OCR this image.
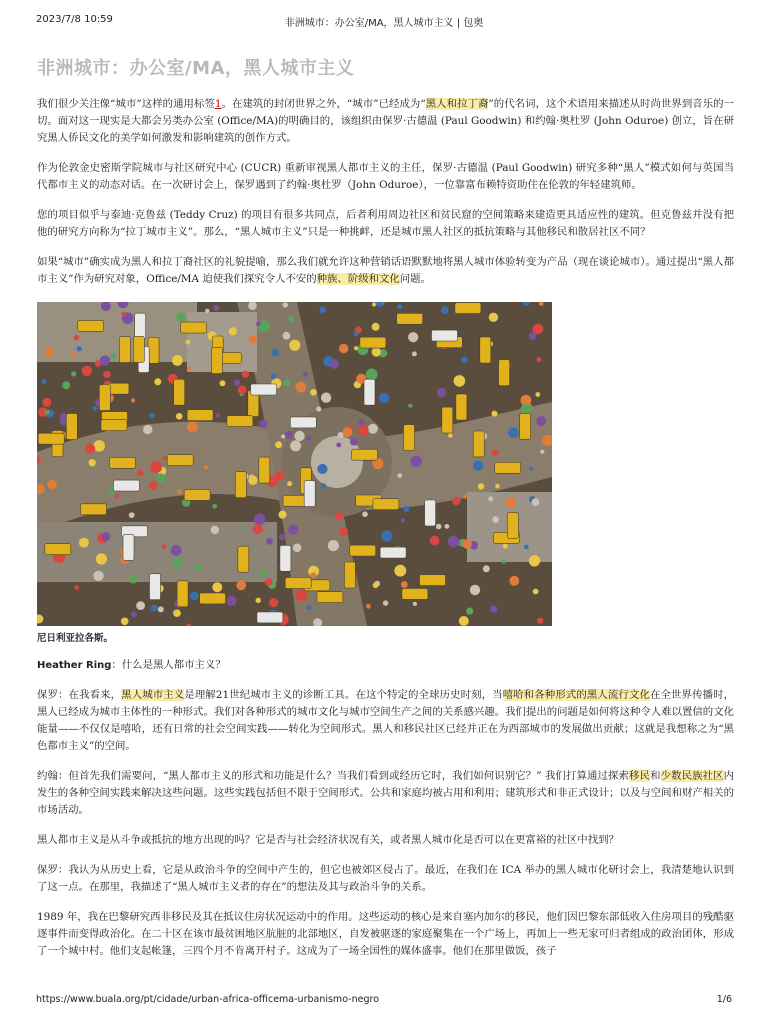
2023/7/8 10:59	非洲城市：办公室/MA，黑人城市主义 | 包奥
非洲城市：办公室/MA，黑人城市主义

我们很少关注像“城市”这样的通用标签1。在建筑的封闭世界之外，“城市”已经成为“黑人和拉丁裔”的代名词，这个术语用来描述从时尚世界到音乐的一切。面对这一现实是大都会另类办公室 (Office/MA)的明确目的，该组织由保罗·古德温 (Paul Goodwin) 和约翰·奥杜罗 (John Oduroe) 创立，旨在研究黑人侨民文化的美学如何激发和影响建筑的创作方式。

作为伦敦金史密斯学院城市与社区研究中心 (CUCR) 重新审视黑人都市主义的主任，保罗·古德温 (Paul Goodwin) 研究多种“黑人”模式如何与英国当代都市主义的动态对话。在一次研讨会上，保罗遇到了约翰·奥杜罗（John Oduroe），一位靠富布赖特资助住在伦敦的年轻建筑师。

您的项目似乎与泰迪·克鲁兹 (Teddy Cruz) 的项目有很多共同点，后者利用周边社区和贫民窟的空间策略来建造更具适应性的建筑。但克鲁兹并没有把他的研究方向称为“拉丁城市主义”。那么，“黑人城市主义”只是一种挑衅，还是城市黑人社区的抵抗策略与其他移民和散居社区不同？

如果“城市”确实成为黑人和拉丁裔社区的礼貌提喻，那么我们就允许这种营销话语默默地将黑人城市体验转变为产品（现在谈论城市）。通过提出“黑人都市主义”作为研究对象，Office/MA 迫使我们探究令人不安的种族、阶级和文化问题。

尼日利亚拉各斯。

Heather Ring：什么是黑人都市主义？

保罗：在我看来，黑人城市主义是理解21世纪城市主义的诊断工具。在这个特定的全球历史时刻，当嘻哈和各种形式的黑人流行文化在全世界传播时，黑人已经成为城市主体性的一种形式。我们对各种形式的城市文化与城市空间生产之间的关系感兴趣。我们提出的问题是如何将这种令人难以置信的文化能量——不仅仅是嘻哈，还有日常的社会空间实践——转化为空间形式。黑人和移民社区已经并正在为西部城市的发展做出贡献；这就是我想称之为“黑色都市主义”的空间。

约翰：但首先我们需要问，“黑人都市主义的形式和功能是什么？当我们看到或经历它时，我们如何识别它？” 我们打算通过探索移民和少数民族社区内发生的各种空间实践来解决这些问题。这些实践包括但不限于空间形式。公共和家庭均被占用和利用；建筑形式和非正式设计；以及与空间和财产相关的市场活动。

黑人都市主义是从斗争或抵抗的地方出现的吗？它是否与社会经济状况有关，或者黑人城市化是否可以在更富裕的社区中找到？

保罗：我认为从历史上看，它是从政治斗争的空间中产生的，但它也被郊区侵占了。最近，在我们在 ICA 举办的黑人城市化研讨会上，我清楚地认识到了这一点。在那里，我描述了“黑人城市主义者的存在”的想法及其与政治斗争的关系。

1989 年，我在巴黎研究西非移民及其在抵议住房状况运动中的作用。这些运动的核心是来自塞内加尔的移民，他们因巴黎东部低收入住房项目的残酷驱逐事件而变得政治化。在二十区在该市最贫困地区肮脏的北部地区，自发被驱逐的家庭聚集在一个广场上，再加上一些无家可归者组成的政治团体，形成了一个城中村。他们支起帐篷，三四个月不肯离开村子。这成为了一场全国性的媒体盛事。他们在那里做饭，孩子

https://www.buala.org/pt/cidade/urban-africa-officema-urbanismo-negro	1/6
